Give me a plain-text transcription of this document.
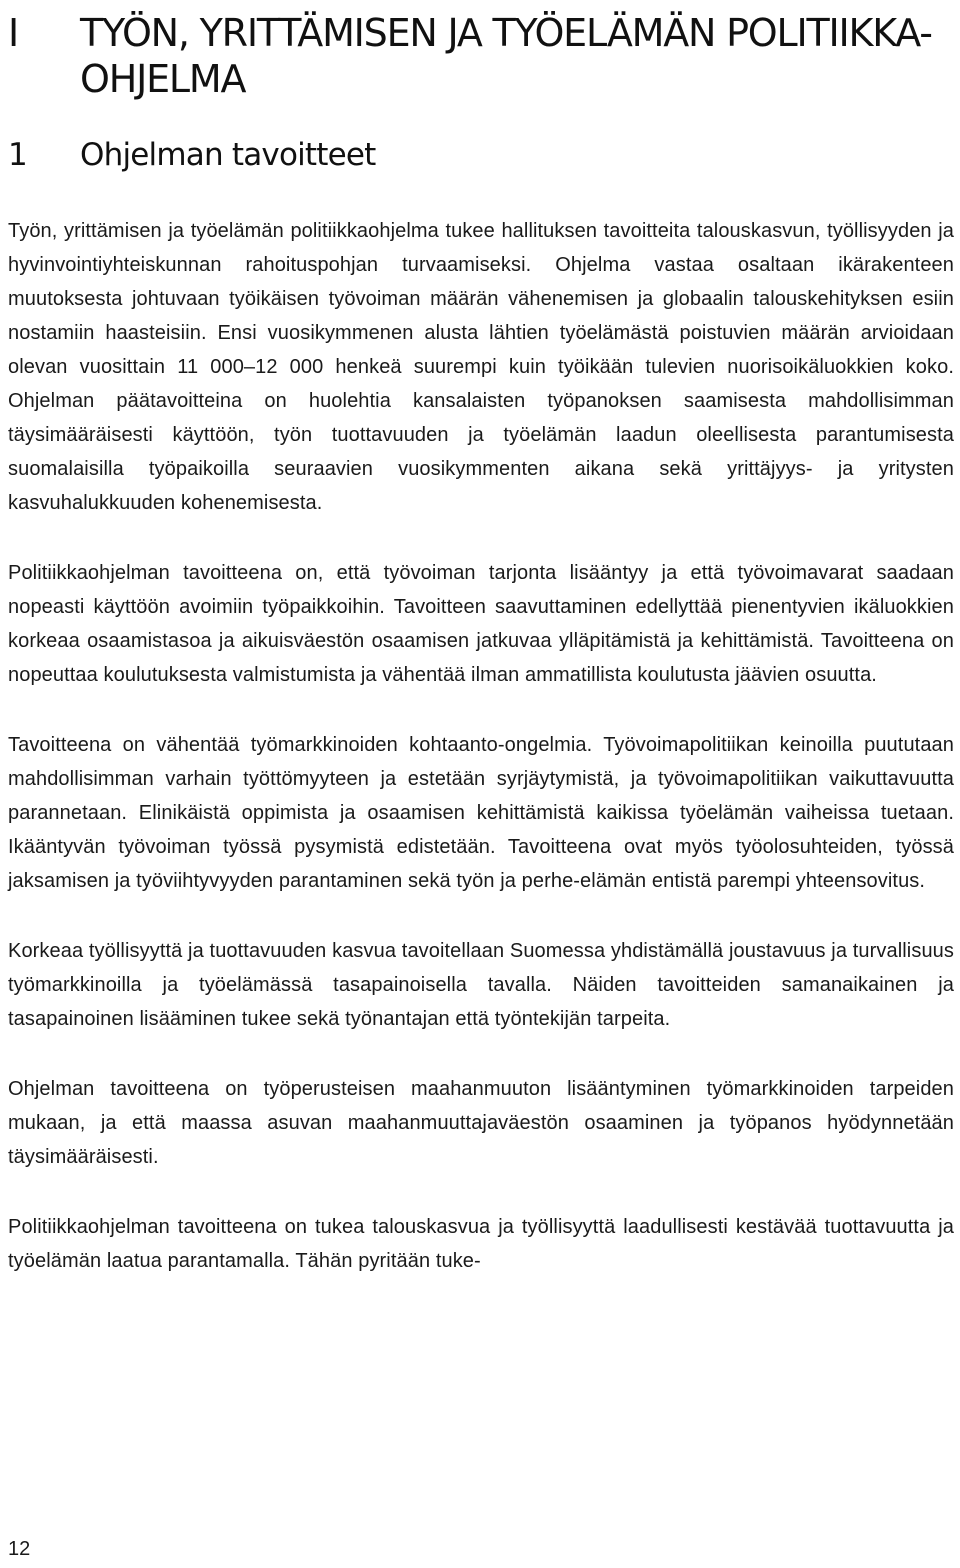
I	TYÖN, YRITTÄMISEN JA TYÖELÄMÄN POLITIIKKA-OHJELMA
1	Ohjelman tavoitteet

Työn, yrittämisen ja työelämän politiikkaohjelma tukee hallituksen tavoitteita talouskasvun, työllisyyden ja hyvinvointiyhteiskunnan rahoituspohjan turvaamiseksi. Ohjelma vastaa osaltaan ikärakenteen muutoksesta johtuvaan työikäisen työvoiman määrän vähenemisen ja globaalin talouskehityksen esiin nostamiin haasteisiin. Ensi vuosikymmenen alusta lähtien työelämästä poistuvien määrän arvioidaan olevan vuosittain 11 000–12 000 henkeä suurempi kuin työikään tulevien nuorisoikäluokkien koko. Ohjelman päätavoitteina on huolehtia kansalaisten työpanoksen saamisesta mahdollisimman täysimääräisesti käyttöön, työn tuottavuuden ja työelämän laadun oleellisesta parantumisesta suomalaisilla työpaikoilla seuraavien vuosikymmenten aikana sekä yrittäjyys- ja yritysten kasvuhalukkuuden kohenemisesta.

Politiikkaohjelman tavoitteena on, että työvoiman tarjonta lisääntyy ja että työvoimavarat saadaan nopeasti käyttöön avoimiin työpaikkoihin. Tavoitteen saavuttaminen edellyttää pienentyvien ikäluokkien korkeaa osaamistasoa ja aikuisväestön osaamisen jatkuvaa ylläpitämistä ja kehittämistä. Tavoitteena on nopeuttaa koulutuksesta valmistumista ja vähentää ilman ammatillista koulutusta jäävien osuutta.

Tavoitteena on vähentää työmarkkinoiden kohtaanto-ongelmia. Työvoimapolitiikan keinoilla puututaan mahdollisimman varhain työttömyyteen ja estetään syrjäytymistä, ja työvoimapolitiikan vaikuttavuutta parannetaan. Elinikäistä oppimista ja osaamisen kehittämistä kaikissa työelämän vaiheissa tuetaan. Ikääntyvän työvoiman työssä pysymistä edistetään. Tavoitteena ovat myös työolosuhteiden, työssä jaksamisen ja työviihtyvyyden parantaminen sekä työn ja perhe-elämän entistä parempi yhteensovitus.

Korkeaa työllisyyttä ja tuottavuuden kasvua tavoitellaan Suomessa yhdistämällä joustavuus ja turvallisuus työmarkkinoilla ja työelämässä tasapainoisella tavalla. Näiden tavoitteiden samanaikainen ja tasapainoinen lisääminen tukee sekä työnantajan että työntekijän tarpeita.

Ohjelman tavoitteena on työperusteisen maahanmuuton lisääntyminen työmarkkinoiden tarpeiden mukaan, ja että maassa asuvan maahanmuuttajaväestön osaaminen ja työpanos hyödynnetään täysimääräisesti.

Politiikkaohjelman tavoitteena on tukea talouskasvua ja työllisyyttä laadullisesti kestävää tuottavuutta ja työelämän laatua parantamalla. Tähän pyritään tuke-

12
